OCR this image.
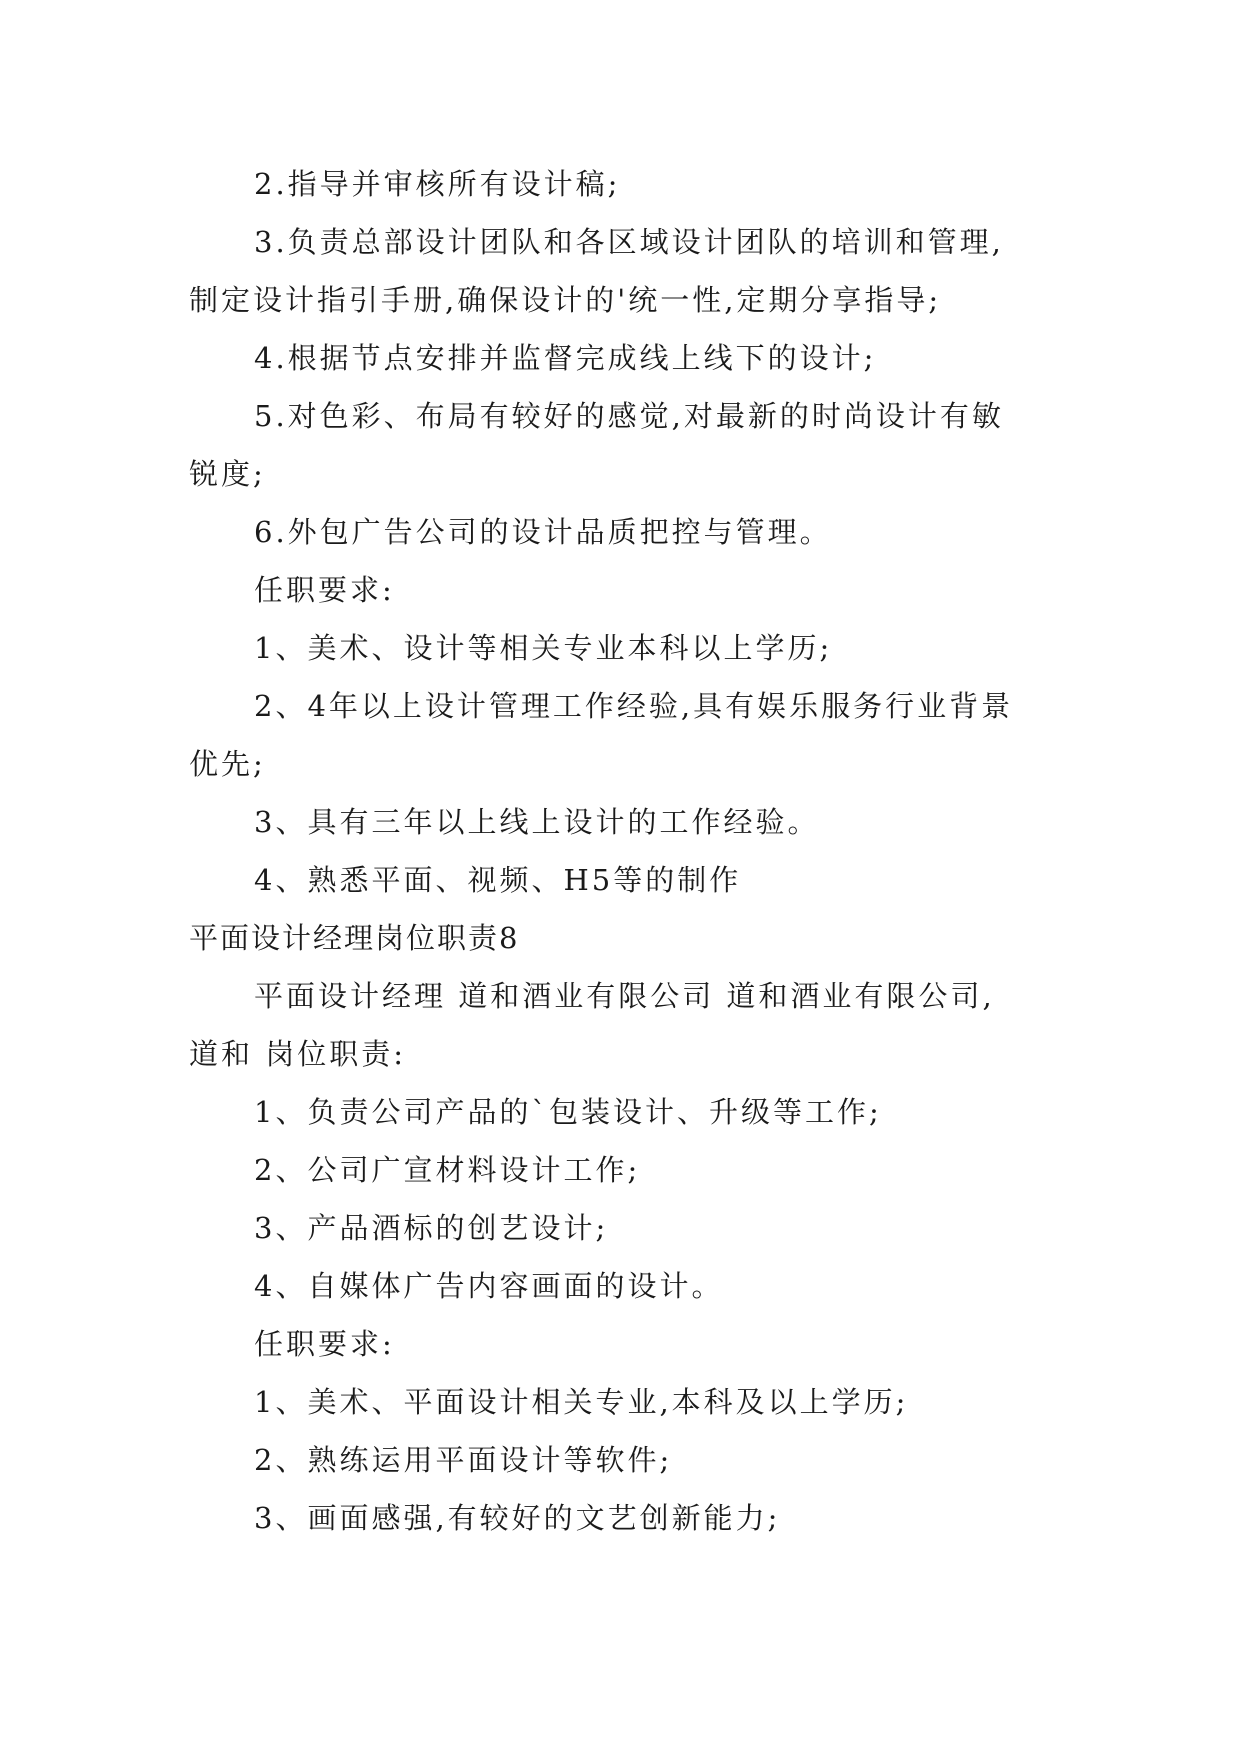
2.指导并审核所有设计稿;
3.负责总部设计团队和各区域设计团队的培训和管理,
制定设计指引手册,确保设计的'统一性,定期分享指导;
4.根据节点安排并监督完成线上线下的设计;
5.对色彩、布局有较好的感觉,对最新的时尚设计有敏
锐度;
6.外包广告公司的设计品质把控与管理。
任职要求:
1、美术、设计等相关专业本科以上学历;
2、4年以上设计管理工作经验,具有娱乐服务行业背景
优先;
3、具有三年以上线上设计的工作经验。
4、熟悉平面、视频、H5等的制作
平面设计经理岗位职责8
平面设计经理 道和酒业有限公司 道和酒业有限公司,
道和 岗位职责:
1、负责公司产品的`包装设计、升级等工作;
2、公司广宣材料设计工作;
3、产品酒标的创艺设计;
4、自媒体广告内容画面的设计。
任职要求:
1、美术、平面设计相关专业,本科及以上学历;
2、熟练运用平面设计等软件;
3、画面感强,有较好的文艺创新能力;
